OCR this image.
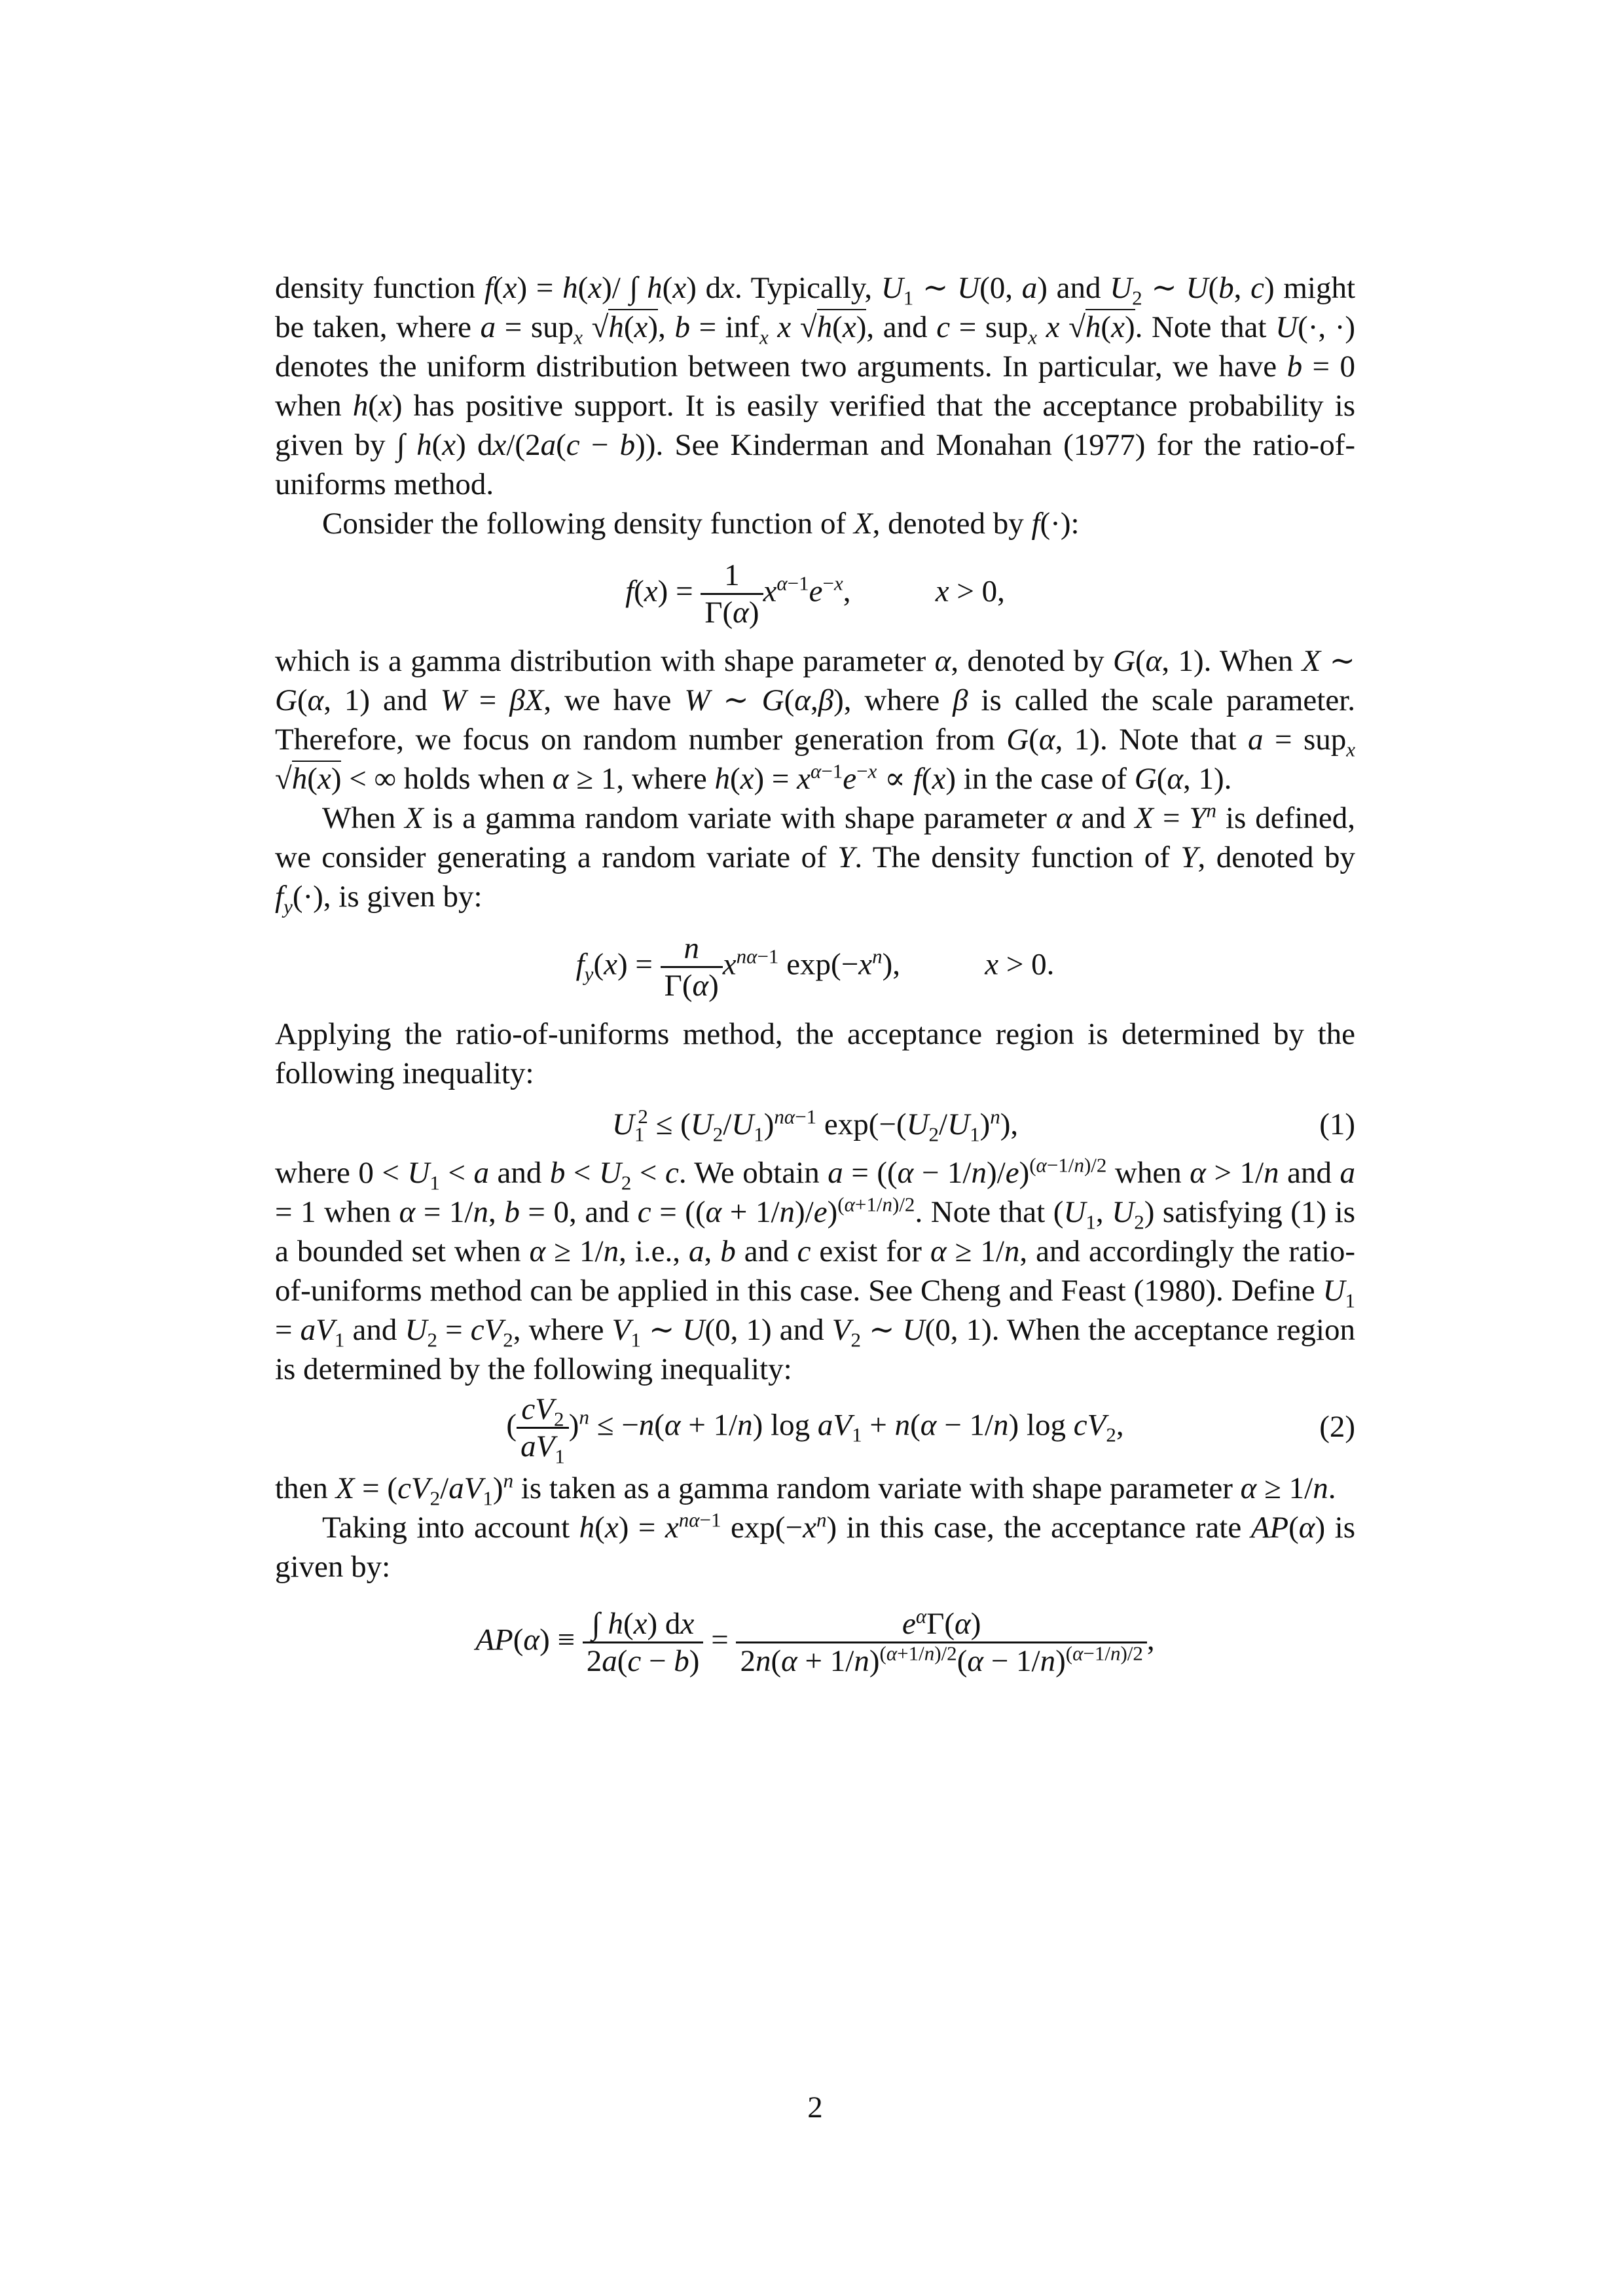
density function f(x) = h(x)/ ∫ h(x) dx. Typically, $U_1$ ∼ U(0, a) and $U_2$ ∼ U(b, c) might be taken, where a = sup$_x$ √h(x), b = inf$_x$ x √h(x), and c = sup$_x$ x √h(x). Note that U(·, ·) denotes the uniform distribution between two arguments. In particular, we have b = 0 when h(x) has positive support. It is easily verified that the acceptance probability is given by ∫ h(x) dx/(2a(c − b)). See Kinderman and Monahan (1977) for the ratio-of-uniforms method.

Consider the following density function of X, denoted by f(·):

$f(x) = \frac{1}{\Gamma(\alpha)} x^{\alpha-1}e^{-x}$,           x > 0,

which is a gamma distribution with shape parameter α, denoted by G(α, 1). When X ∼ G(α, 1) and W = βX, we have W ∼ G(α,β), where β is called the scale parameter. Therefore, we focus on random number generation from G(α, 1). Note that a = sup$_x$ √h(x) < ∞ holds when α ≥ 1, where $h(x) = x^{\alpha-1}e^{-x} \propto f(x)$ in the case of G(α, 1).

When X is a gamma random variate with shape parameter α and $X = Y^n$ is defined, we consider generating a random variate of Y. The density function of Y, denoted by $f_y(\cdot)$, is given by:

$f_y(x) = \frac{n}{\Gamma(\alpha)} x^{n\alpha-1}$ $\exp(-x^n)$,           x > 0.

Applying the ratio-of-uniforms method, the acceptance region is determined by the following inequality:

$U_1^2 \le (U_2/U_1)^{n\alpha-1}$ $\exp(-(U_2/U_1)^n)$,	(1)

where $0 < U_1 < a$ and $b < U_2 < c$. We obtain $a = ((\alpha - 1/n)/e)^{(\alpha-1/n)/2}$ when α > 1/n and a = 1 when α = 1/n, b = 0, and $c = ((\alpha + 1/n)/e)^{(\alpha+1/n)/2}$. Note that ($U_1$, $U_2$) satisfying (1) is a bounded set when α ≥ 1/n, i.e., a, b and c exist for α ≥ 1/n, and accordingly the ratio-of-uniforms method can be applied in this case. See Cheng and Feast (1980). Define $U_1 = aV_1$ and $U_2 = cV_2$, where $V_1$ ∼ U(0, 1) and $V_2$ ∼ U(0, 1). When the acceptance region is determined by the following inequality:

( $\frac{cV_2}{aV_1} )^n \le -n(\alpha + 1/n)$ $\log aV_1 + n(\alpha - 1/n)$ $\log cV_2$,	(2)

then $X = (cV_2/aV_1)^n$ is taken as a gamma random variate with shape parameter α ≥ 1/n.

Taking into account $h(x) = x^{n\alpha-1}$ $\exp(-x^n)$ in this case, the acceptance rate AP(α) is given by:

$AP(\alpha) \equiv \frac{\int h(x) dx}{2a(c - b)} = \frac{e^\alpha\Gamma(\alpha)}{2n(\alpha + 1/n)^{(\alpha+1/n)/2}(\alpha - 1/n)^{(\alpha-1/n)/2}}$ ,
2
